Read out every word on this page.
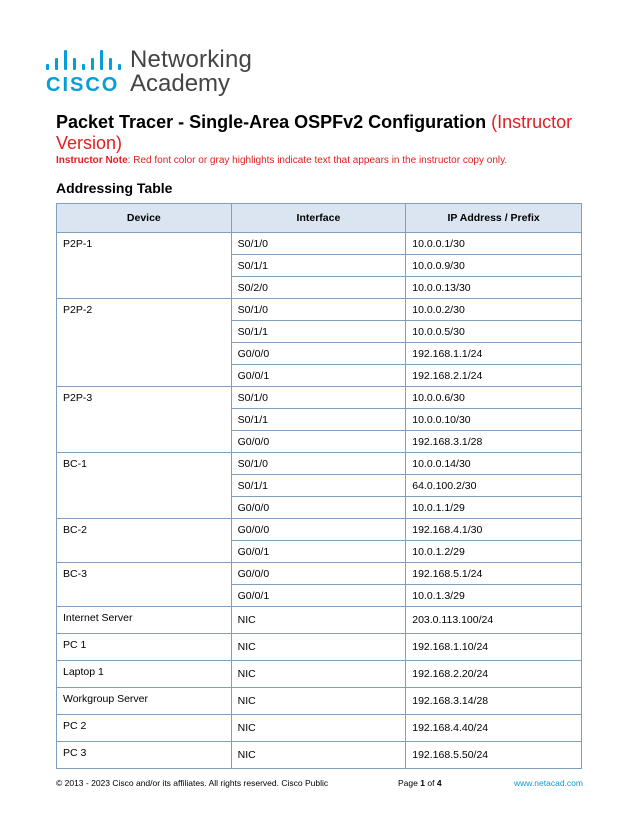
CISCO
Networking
Academy
Packet Tracer - Single-Area OSPFv2 Configuration (Instructor Version)
Instructor Note: Red font color or gray highlights indicate text that appears in the instructor copy only.
Addressing Table
Device	Interface	IP Address / Prefix
P2P-1	S0/1/0	10.0.0.1/30
	S0/1/1	10.0.0.9/30
	S0/2/0	10.0.0.13/30
P2P-2	S0/1/0	10.0.0.2/30
	S0/1/1	10.0.0.5/30
	G0/0/0	192.168.1.1/24
	G0/0/1	192.168.2.1/24
P2P-3	S0/1/0	10.0.0.6/30
	S0/1/1	10.0.0.10/30
	G0/0/0	192.168.3.1/28
BC-1	S0/1/0	10.0.0.14/30
	S0/1/1	64.0.100.2/30
	G0/0/0	10.0.1.1/29
BC-2	G0/0/0	192.168.4.1/30
	G0/0/1	10.0.1.2/29
BC-3	G0/0/0	192.168.5.1/24
	G0/0/1	10.0.1.3/29
Internet Server	NIC	203.0.113.100/24
PC 1	NIC	192.168.1.10/24
Laptop 1	NIC	192.168.2.20/24
Workgroup Server	NIC	192.168.3.14/28
PC 2	NIC	192.168.4.40/24
PC 3	NIC	192.168.5.50/24
© 2013 - 2023 Cisco and/or its affiliates. All rights reserved. Cisco Public	Page 1 of 4	www.netacad.com
